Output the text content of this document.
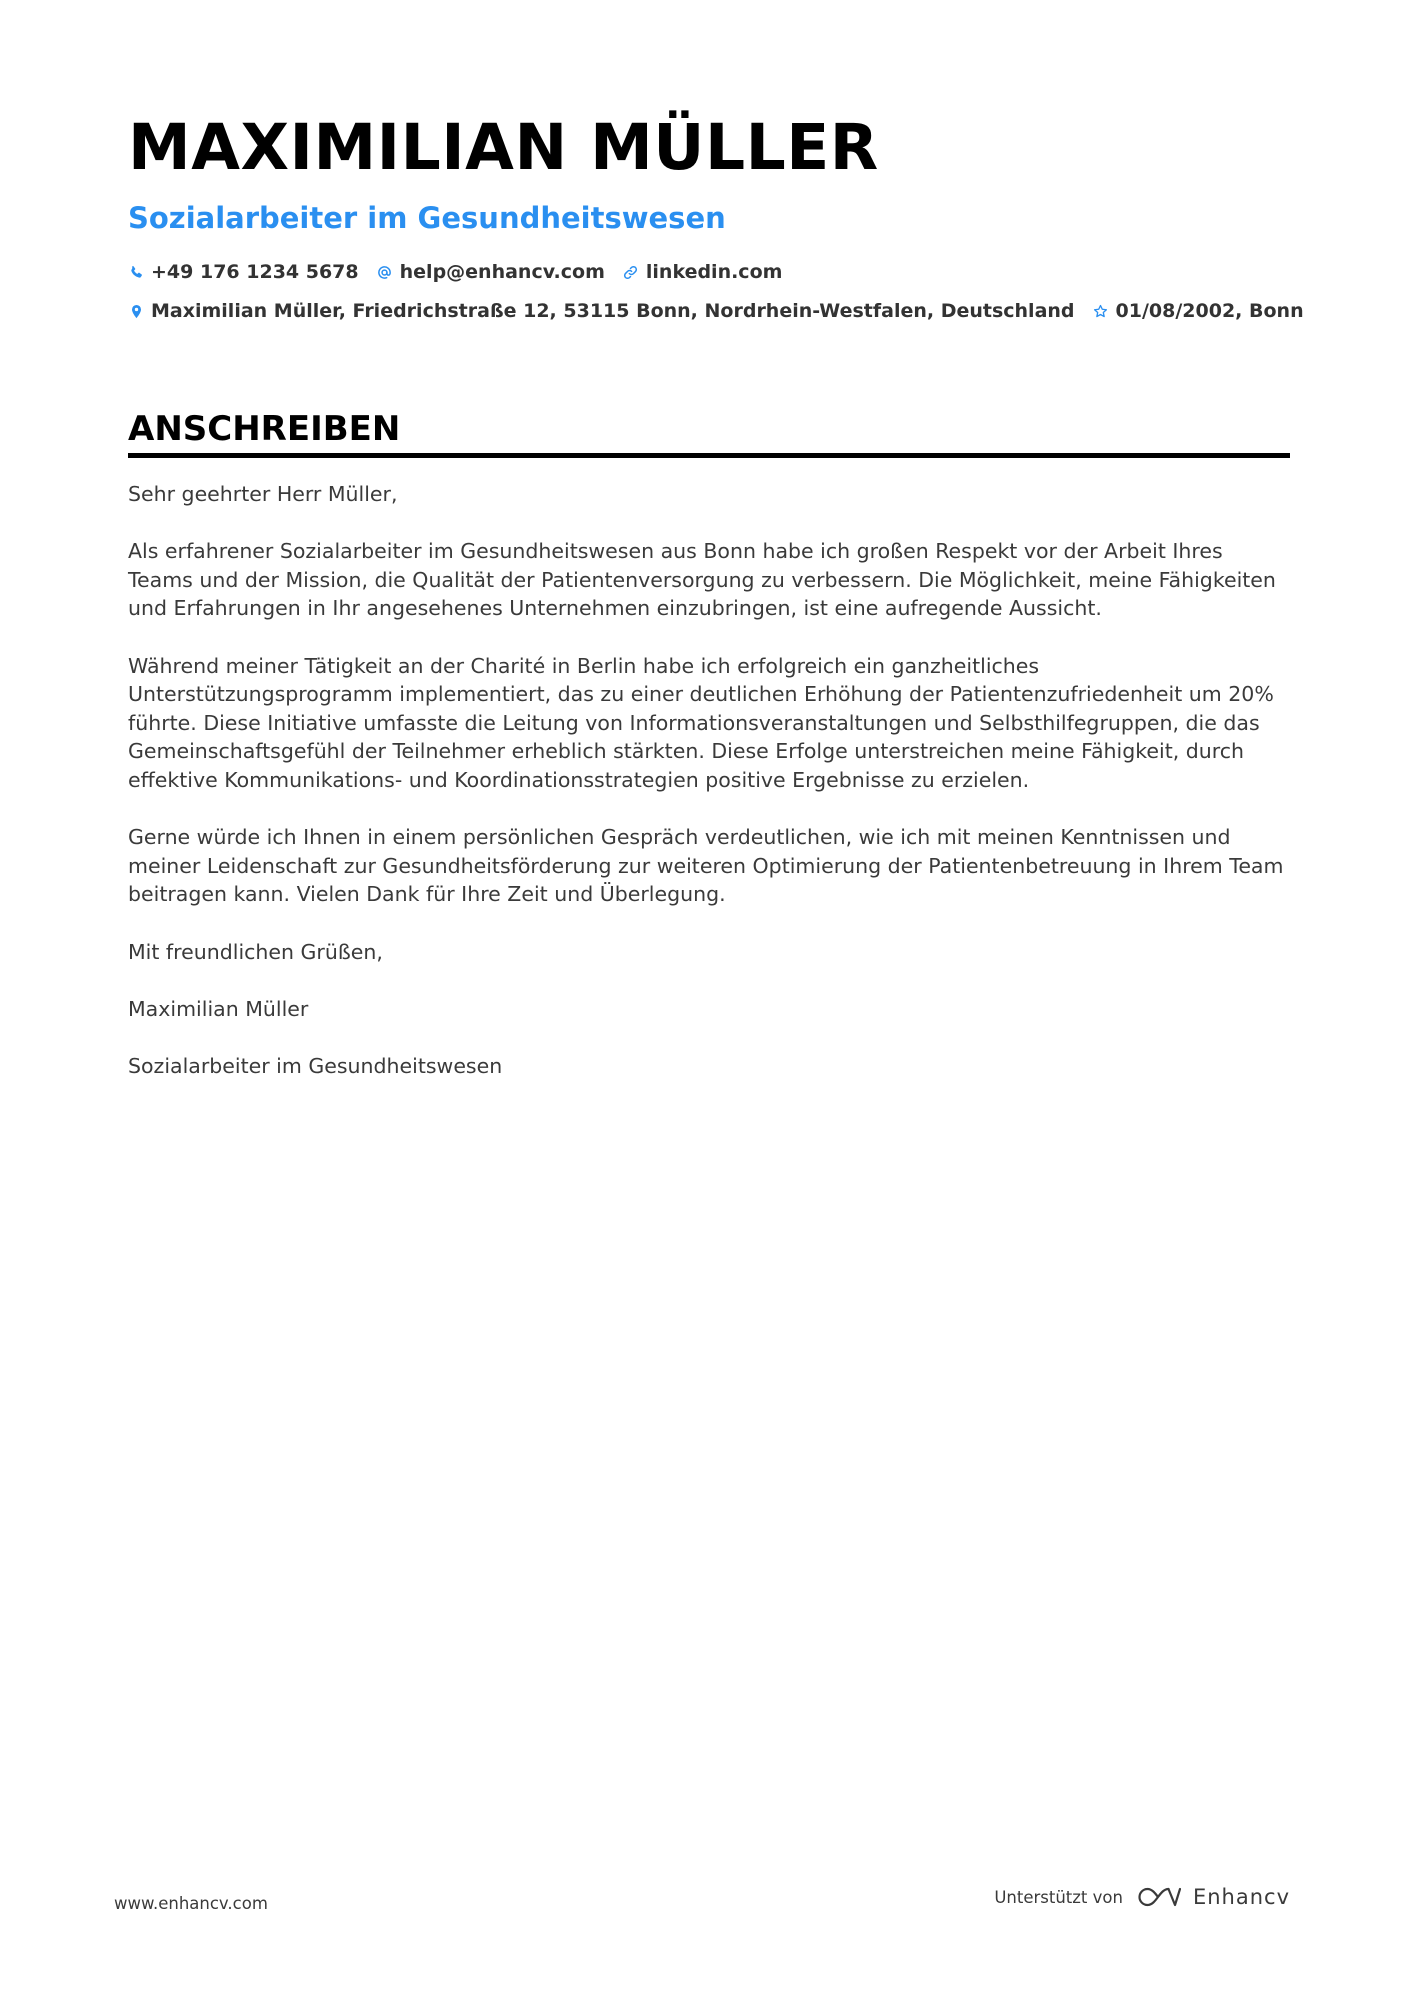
MAXIMILIAN MÜLLER
Sozialarbeiter im Gesundheitswesen
+49 176 1234 5678 help@enhancv.com linkedin.com
Maximilian Müller, Friedrichstraße 12, 53115 Bonn, Nordrhein-Westfalen, Deutschland 01/08/2002, Bonn
ANSCHREIBEN

Sehr geehrter Herr Müller,

Als erfahrener Sozialarbeiter im Gesundheitswesen aus Bonn habe ich großen Respekt vor der Arbeit Ihres Teams und der Mission, die Qualität der Patientenversorgung zu verbessern. Die Möglichkeit, meine Fähigkeiten und Erfahrungen in Ihr angesehenes Unternehmen einzubringen, ist eine aufregende Aussicht.

Während meiner Tätigkeit an der Charité in Berlin habe ich erfolgreich ein ganzheitliches Unterstützungsprogramm implementiert, das zu einer deutlichen Erhöhung der Patientenzufriedenheit um 20% führte. Diese Initiative umfasste die Leitung von Informationsveranstaltungen und Selbsthilfegruppen, die das Gemeinschaftsgefühl der Teilnehmer erheblich stärkten. Diese Erfolge unterstreichen meine Fähigkeit, durch effektive Kommunikations- und Koordinationsstrategien positive Ergebnisse zu erzielen.

Gerne würde ich Ihnen in einem persönlichen Gespräch verdeutlichen, wie ich mit meinen Kenntnissen und meiner Leidenschaft zur Gesundheitsförderung zur weiteren Optimierung der Patientenbetreuung in Ihrem Team beitragen kann. Vielen Dank für Ihre Zeit und Überlegung.

Mit freundlichen Grüßen,

Maximilian Müller

Sozialarbeiter im Gesundheitswesen

www.enhancv.com	Unterstützt von	Enhancv
